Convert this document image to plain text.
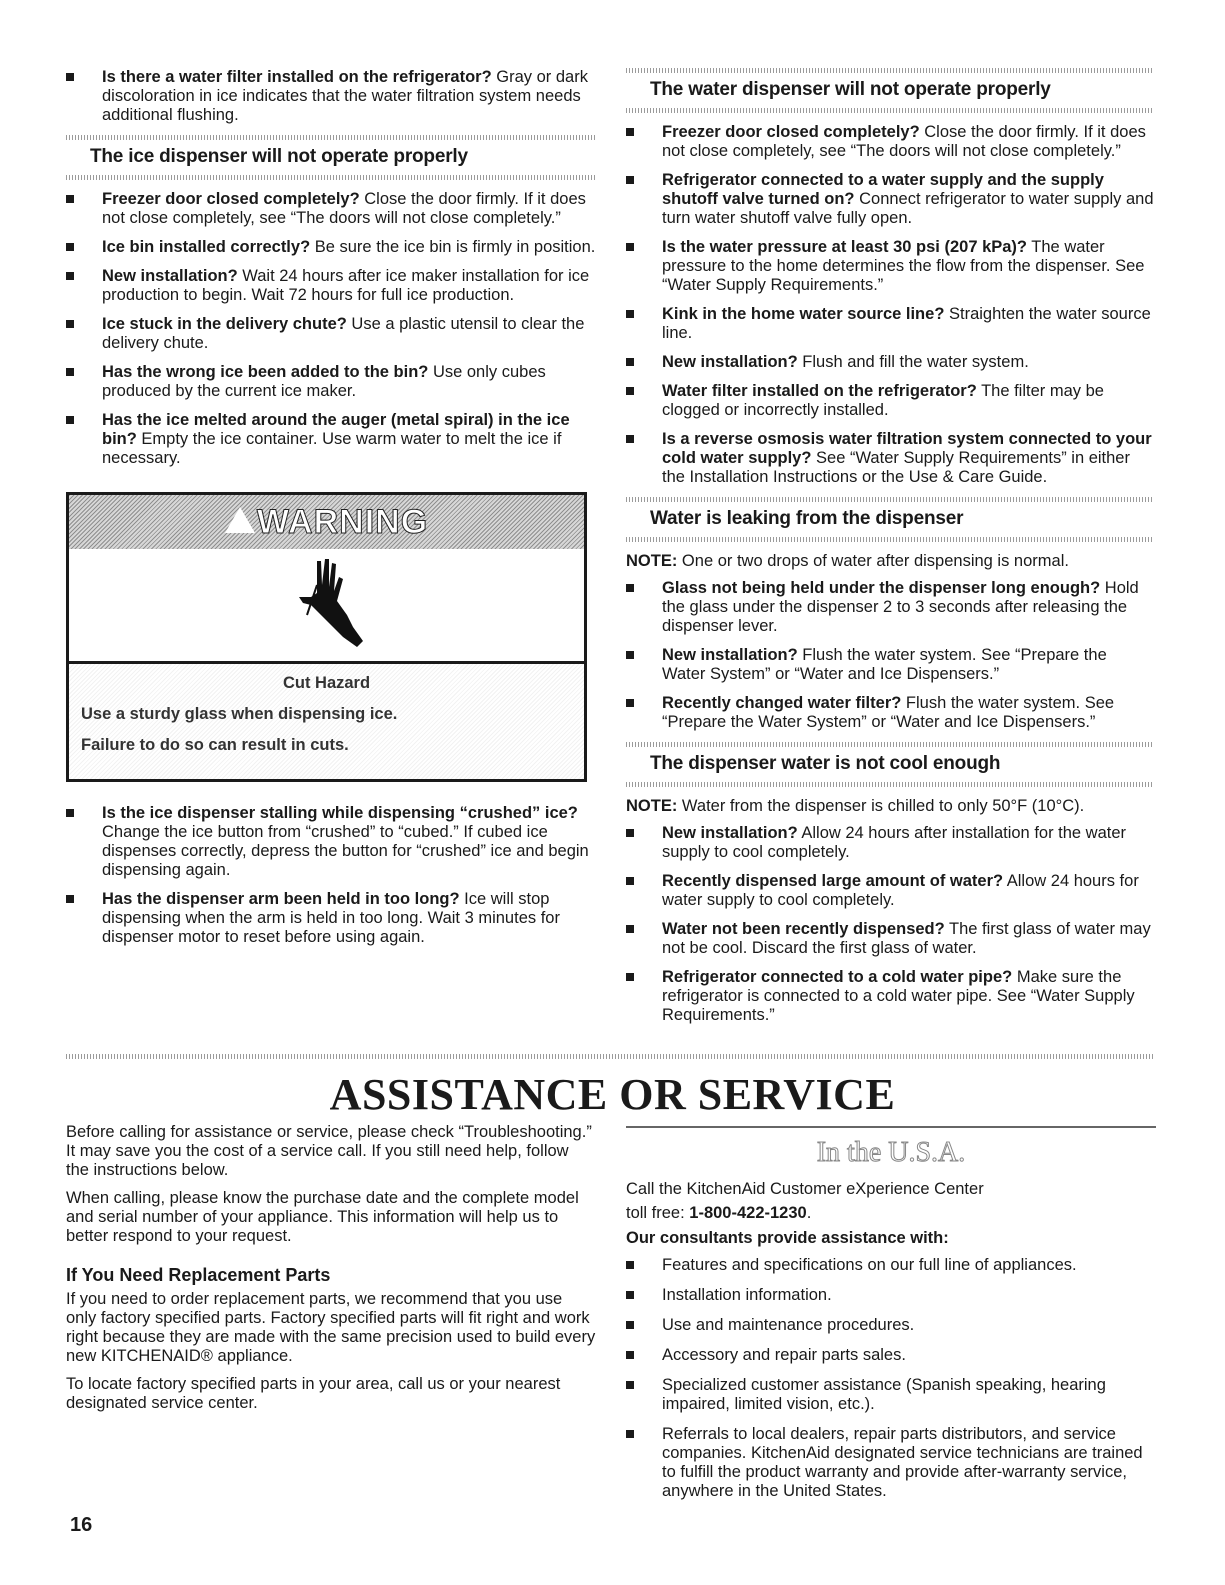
Is there a water filter installed on the refrigerator? Gray or dark discoloration in ice indicates that the water filtration system needs additional flushing.
The ice dispenser will not operate properly
Freezer door closed completely? Close the door firmly. If it does not close completely, see “The doors will not close completely.”
Ice bin installed correctly? Be sure the ice bin is firmly in position.
New installation? Wait 24 hours after ice maker installation for ice production to begin. Wait 72 hours for full ice production.
Ice stuck in the delivery chute? Use a plastic utensil to clear the delivery chute.
Has the wrong ice been added to the bin? Use only cubes produced by the current ice maker.
Has the ice melted around the auger (metal spiral) in the ice bin? Empty the ice container. Use warm water to melt the ice if necessary.
WARNING

Cut Hazard

Use a sturdy glass when dispensing ice.

Failure to do so can result in cuts.

Is the ice dispenser stalling while dispensing “crushed” ice? Change the ice button from “crushed” to “cubed.” If cubed ice dispenses correctly, depress the button for “crushed” ice and begin dispensing again.
Has the dispenser arm been held in too long? Ice will stop dispensing when the arm is held in too long. Wait 3 minutes for dispenser motor to reset before using again.
The water dispenser will not operate properly
Freezer door closed completely? Close the door firmly. If it does not close completely, see “The doors will not close completely.”
Refrigerator connected to a water supply and the supply shutoff valve turned on? Connect refrigerator to water supply and turn water shutoff valve fully open.
Is the water pressure at least 30 psi (207 kPa)? The water pressure to the home determines the flow from the dispenser. See “Water Supply Requirements.”
Kink in the home water source line? Straighten the water source line.
New installation? Flush and fill the water system.
Water filter installed on the refrigerator? The filter may be clogged or incorrectly installed.
Is a reverse osmosis water filtration system connected to your cold water supply? See “Water Supply Requirements” in either the Installation Instructions or the Use & Care Guide.
Water is leaking from the dispenser

NOTE: One or two drops of water after dispensing is normal.

Glass not being held under the dispenser long enough? Hold the glass under the dispenser 2 to 3 seconds after releasing the dispenser lever.
New installation? Flush the water system. See “Prepare the Water System” or “Water and Ice Dispensers.”
Recently changed water filter? Flush the water system. See “Prepare the Water System” or “Water and Ice Dispensers.”
The dispenser water is not cool enough

NOTE: Water from the dispenser is chilled to only 50°F (10°C).

New installation? Allow 24 hours after installation for the water supply to cool completely.
Recently dispensed large amount of water? Allow 24 hours for water supply to cool completely.
Water not been recently dispensed? The first glass of water may not be cool. Discard the first glass of water.
Refrigerator connected to a cold water pipe? Make sure the refrigerator is connected to a cold water pipe. See “Water Supply Requirements.”
ASSISTANCE OR SERVICE

Before calling for assistance or service, please check “Troubleshooting.” It may save you the cost of a service call. If you still need help, follow the instructions below.

When calling, please know the purchase date and the complete model and serial number of your appliance. This information will help us to better respond to your request.

If You Need Replacement Parts

If you need to order replacement parts, we recommend that you use only factory specified parts. Factory specified parts will fit right and work right because they are made with the same precision used to build every new KITCHENAID® appliance.

To locate factory specified parts in your area, call us or your nearest designated service center.

In the U.S.A.

Call the KitchenAid Customer eXperience Center

toll free: 1-800-422-1230.

Our consultants provide assistance with:

Features and specifications on our full line of appliances.
Installation information.
Use and maintenance procedures.
Accessory and repair parts sales.
Specialized customer assistance (Spanish speaking, hearing impaired, limited vision, etc.).
Referrals to local dealers, repair parts distributors, and service companies. KitchenAid designated service technicians are trained to fulfill the product warranty and provide after-warranty service, anywhere in the United States.
16
